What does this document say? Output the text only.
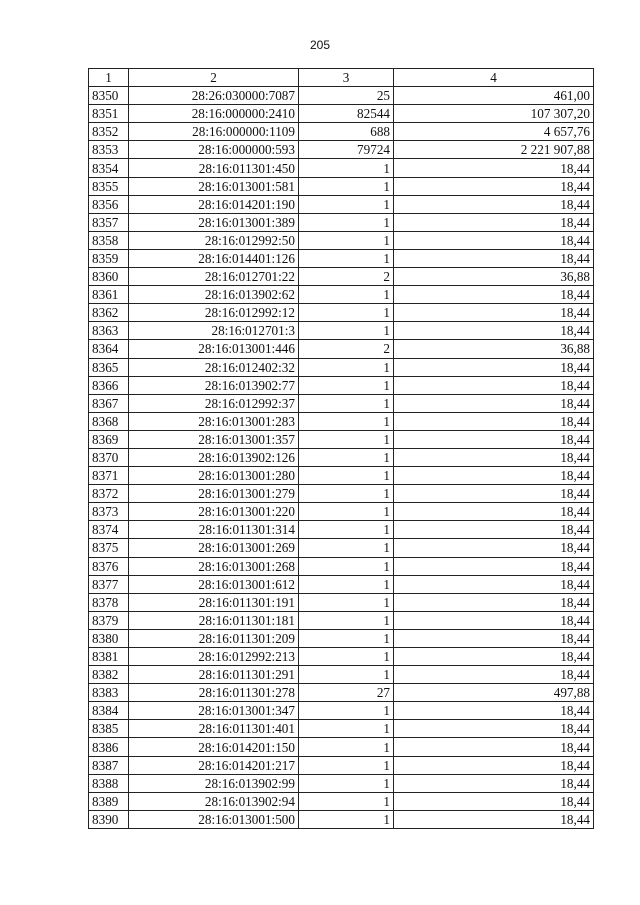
205
1	2	3	4
8350	28:26:030000:7087	25	461,00
8351	28:16:000000:2410	82544	107 307,20
8352	28:16:000000:1109	688	4 657,76
8353	28:16:000000:593	79724	2 221 907,88
8354	28:16:011301:450	1	18,44
8355	28:16:013001:581	1	18,44
8356	28:16:014201:190	1	18,44
8357	28:16:013001:389	1	18,44
8358	28:16:012992:50	1	18,44
8359	28:16:014401:126	1	18,44
8360	28:16:012701:22	2	36,88
8361	28:16:013902:62	1	18,44
8362	28:16:012992:12	1	18,44
8363	28:16:012701:3	1	18,44
8364	28:16:013001:446	2	36,88
8365	28:16:012402:32	1	18,44
8366	28:16:013902:77	1	18,44
8367	28:16:012992:37	1	18,44
8368	28:16:013001:283	1	18,44
8369	28:16:013001:357	1	18,44
8370	28:16:013902:126	1	18,44
8371	28:16:013001:280	1	18,44
8372	28:16:013001:279	1	18,44
8373	28:16:013001:220	1	18,44
8374	28:16:011301:314	1	18,44
8375	28:16:013001:269	1	18,44
8376	28:16:013001:268	1	18,44
8377	28:16:013001:612	1	18,44
8378	28:16:011301:191	1	18,44
8379	28:16:011301:181	1	18,44
8380	28:16:011301:209	1	18,44
8381	28:16:012992:213	1	18,44
8382	28:16:011301:291	1	18,44
8383	28:16:011301:278	27	497,88
8384	28:16:013001:347	1	18,44
8385	28:16:011301:401	1	18,44
8386	28:16:014201:150	1	18,44
8387	28:16:014201:217	1	18,44
8388	28:16:013902:99	1	18,44
8389	28:16:013902:94	1	18,44
8390	28:16:013001:500	1	18,44
